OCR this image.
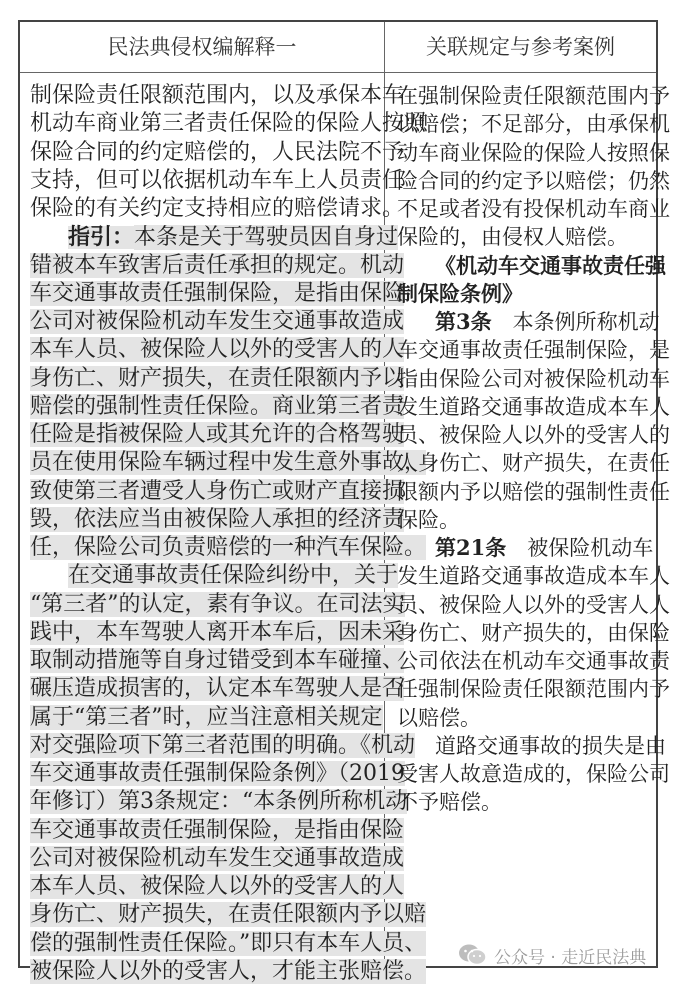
民法典侵权编解释一	关联规定与参考案例
制保险责任限额范围内，以及承保本车
机动车商业第三者责任保险的保险人按照
保险合同的约定赔偿的，人民法院不予
支持，但可以依据机动车车上人员责任
保险的有关约定支持相应的赔偿请求。
指引：本条是关于驾驶员因自身过
错被本车致害后责任承担的规定。机动
车交通事故责任强制保险，是指由保险
公司对被保险机动车发生交通事故造成
本车人员、被保险人以外的受害人的人
身伤亡、财产损失，在责任限额内予以
赔偿的强制性责任保险。商业第三者责
任险是指被保险人或其允许的合格驾驶
员在使用保险车辆过程中发生意外事故，
致使第三者遭受人身伤亡或财产直接损
毁，依法应当由被保险人承担的经济责
任，保险公司负责赔偿的一种汽车保险。
在交通事故责任保险纠纷中，关于
“第三者”的认定，素有争议。在司法实
践中，本车驾驶人离开本车后，因未采
取制动措施等自身过错受到本车碰撞、
碾压造成损害的，认定本车驾驶人是否
属于“第三者”时，应当注意相关规定
对交强险项下第三者范围的明确。《机动
车交通事故责任强制保险条例》（2019
年修订）第3条规定：“本条例所称机动
车交通事故责任强制保险，是指由保险
公司对被保险机动车发生交通事故造成
本车人员、被保险人以外的受害人的人
身伤亡、财产损失，在责任限额内予以赔
偿的强制性责任保险。”即只有本车人员、
被保险人以外的受害人，才能主张赔偿。
在强制保险责任限额范围内予
以赔偿；不足部分，由承保机
动车商业保险的保险人按照保
险合同的约定予以赔偿；仍然
不足或者没有投保机动车商业
保险的，由侵权人赔偿。
《机动车交通事故责任强
制保险条例》
第3条　本条例所称机动
车交通事故责任强制保险，是
指由保险公司对被保险机动车
发生道路交通事故造成本车人
员、被保险人以外的受害人的
人身伤亡、财产损失，在责任
限额内予以赔偿的强制性责任
保险。
第21条　被保险机动车
发生道路交通事故造成本车人
员、被保险人以外的受害人人
身伤亡、财产损失的，由保险
公司依法在机动车交通事故责
任强制保险责任限额范围内予
以赔偿。
道路交通事故的损失是由
受害人故意造成的，保险公司
不予赔偿。
公众号 · 走近民法典
